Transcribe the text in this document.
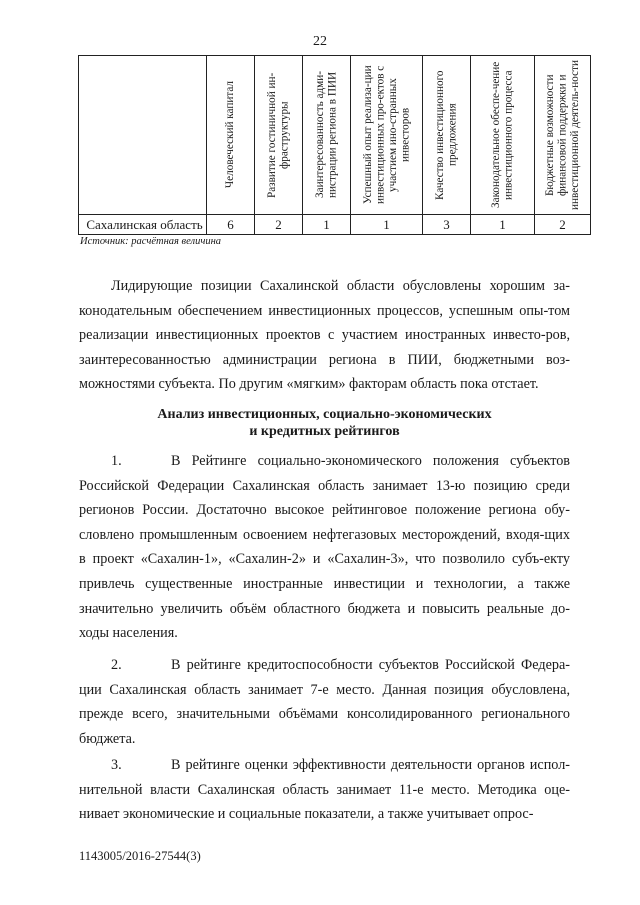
22

	Человеческий капитал	Развитие гостиничной ин-фраструктуры	Заинтересованность адми-нистрации региона в ПИИ	Успешный опыт реализа-ции инвестиционных про-ектов с участием ино-странных инвесторов	Качество инвестиционного предложения	Законодательное обеспе-чение инвестиционного процесса	Бюджетные возможности финансовой поддержки и инвестиционной деятель-ности

Сахалинская область	6	2	1	1	3	1	2
Источник: расчётная величина

Лидирующие позиции Сахалинской области обусловлены хорошим за-конодательным обеспечением инвестиционных процессов, успешным опы-том реализации инвестиционных проектов с участием иностранных инвесто-ров, заинтересованностью администрации региона в ПИИ, бюджетными воз-можностями субъекта. По другим «мягким» факторам область пока отстает.

Анализ инвестиционных, социально-экономических
и кредитных рейтингов

1.	В Рейтинге социально-экономического положения субъектов Российской Федерации Сахалинская область занимает 13-ю позицию среди регионов России. Достаточно высокое рейтинговое положение региона обу-словлено промышленным освоением нефтегазовых месторождений, входя-щих в проект «Сахалин-1», «Сахалин-2» и «Сахалин-3», что позволило субъ-екту привлечь существенные иностранные инвестиции и технологии, а также значительно увеличить объём областного бюджета и повысить реальные до-ходы населения.

2.	В рейтинге кредитоспособности субъектов Российской Федера-ции Сахалинская область занимает 7-е место. Данная позиция обусловлена, прежде всего, значительными объёмами консолидированного регионального бюджета.

3.	В рейтинге оценки эффективности деятельности органов испол-нительной власти Сахалинская область занимает 11-е место. Методика оце-нивает экономические и социальные показатели, а также учитывает опрос-

1143005/2016-27544(3)
